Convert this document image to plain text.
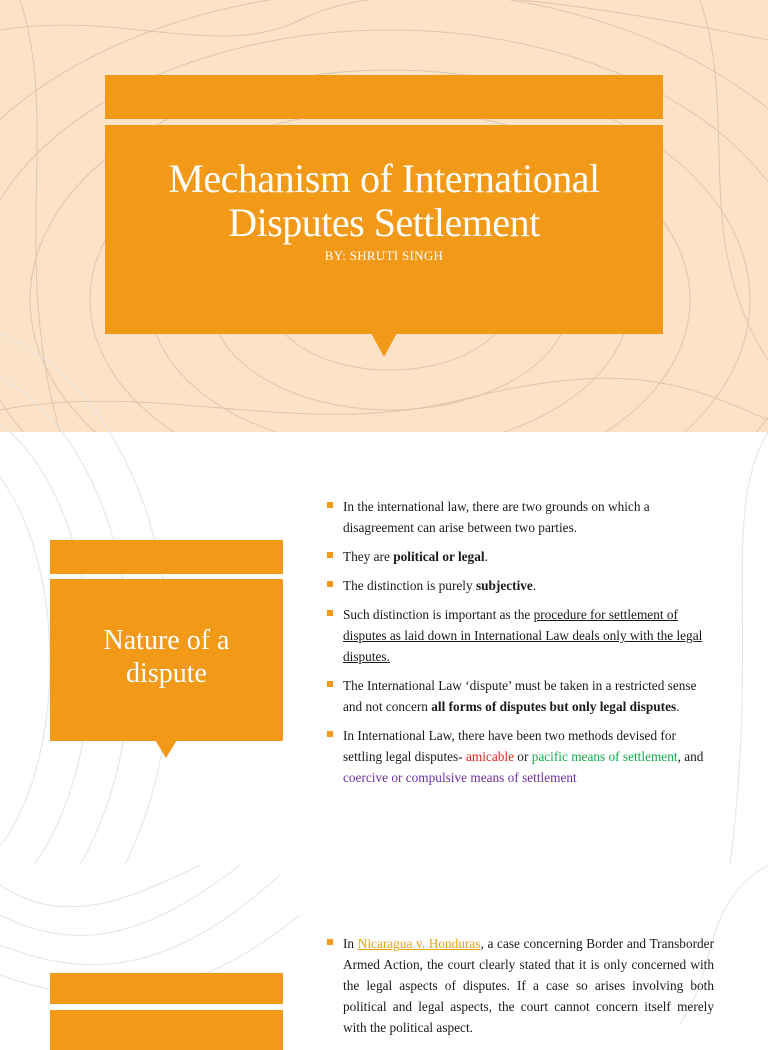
Mechanism of International
Disputes Settlement
BY: SHRUTI SINGH
Nature of a
dispute
In the international law, there are two grounds on which a disagreement can arise between two parties.
They are political or legal.
The distinction is purely subjective.
Such distinction is important as the procedure for settlement of disputes as laid down in International Law deals only with the legal disputes.
The International Law ‘dispute’ must be taken in a restricted sense and not concern all forms of disputes but only legal disputes.
In International Law, there have been two methods devised for settling legal disputes- amicable or pacific means of settlement, and coercive or compulsive means of settlement
In Nicaragua v. Honduras, a case concerning Border and Transborder Armed Action, the court clearly stated that it is only concerned with the legal aspects of disputes. If a case so arises involving both political and legal aspects, the court cannot concern itself merely with the political aspect.
